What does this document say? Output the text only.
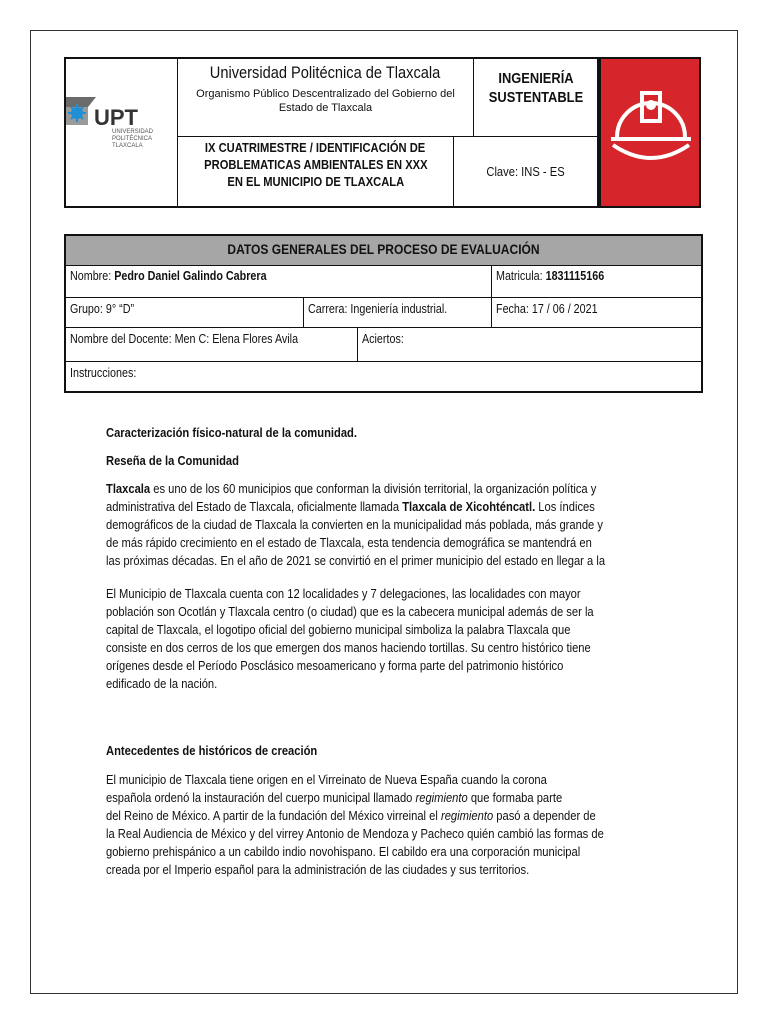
UPT
UNIVERSIDAD
POLITÉCNICA
TLAXCALA
Universidad Politécnica de Tlaxcala
Organismo Público Descentralizado del Gobierno del Estado de Tlaxcala
IX CUATRIMESTRE / IDENTIFICACIÓN DE
PROBLEMATICAS AMBIENTALES EN XXX
EN EL MUNICIPIO DE TLAXCALA
INGENIERÍA SUSTENTABLE
Clave: INS - ES
DATOS GENERALES DEL PROCESO DE EVALUACIÓN
Nombre: Pedro Daniel Galindo Cabrera	Matricula: 1831115166
Grupo: 9° “D”	Carrera: Ingeniería industrial.	Fecha: 17 / 06 / 2021
Nombre del Docente: Men C: Elena Flores Avila	Aciertos:
Instrucciones:
Caracterización físico-natural de la comunidad.
Reseña de la Comunidad

Tlaxcala es uno de los 60 municipios que conforman la división territorial, la organización política y

administrativa del Estado de Tlaxcala, oficialmente llamada Tlaxcala de Xicohténcatl. Los índices

demográficos de la ciudad de Tlaxcala la convierten en la municipalidad más poblada, más grande y

de más rápido crecimiento en el estado de Tlaxcala, esta tendencia demográfica se mantendrá en

las próximas décadas. En el año de 2021 se convirtió en el primer municipio del estado en llegar a la

El Municipio de Tlaxcala cuenta con 12 localidades y 7 delegaciones, las localidades con mayor

población son Ocotlán y Tlaxcala centro (o ciudad) que es la cabecera municipal además de ser la

capital de Tlaxcala, el logotipo oficial del gobierno municipal simboliza la palabra Tlaxcala que

consiste en dos cerros de los que emergen dos manos haciendo tortillas. Su centro histórico tiene

orígenes desde el Período Posclásico mesoamericano y forma parte del patrimonio histórico

edificado de la nación.

Antecedentes de históricos de creación

El municipio de Tlaxcala tiene origen en el Virreinato de Nueva España cuando la corona

española ordenó la instauración del cuerpo municipal llamado regimiento que formaba parte

del Reino de México. A partir de la fundación del México virreinal el regimiento pasó a depender de

la Real Audiencia de México y del virrey Antonio de Mendoza y Pacheco quién cambió las formas de

gobierno prehispánico a un cabildo indio novohispano. El cabildo era una corporación municipal

creada por el Imperio español para la administración de las ciudades y sus territorios.
